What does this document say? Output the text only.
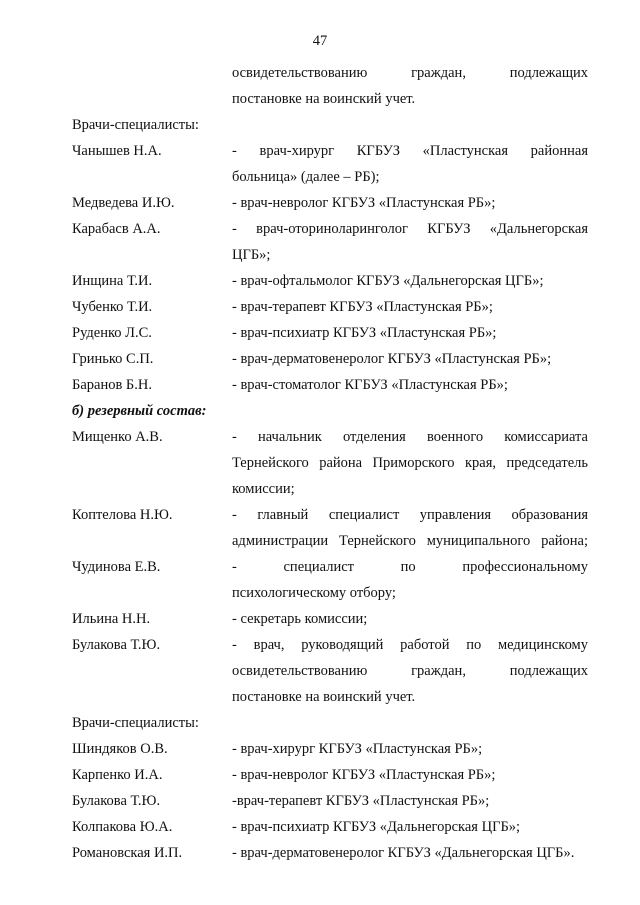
47
освидетельствованию граждан, подлежащих
постановке на воинский учет.
Врачи-специалисты:
Чанышев Н.А.	- врач-хирург КГБУЗ «Пластунская районная
больница» (далее – РБ);
Медведева И.Ю.	- врач-невролог КГБУЗ «Пластунская РБ»;
Карабасв А.А.	- врач-оториноларинголог КГБУЗ «Дальнегорская
ЦГБ»;
Инщина Т.И.	- врач-офтальмолог КГБУЗ «Дальнегорская ЦГБ»;
Чубенко Т.И.	- врач-терапевт КГБУЗ «Пластунская РБ»;
Руденко Л.С.	- врач-психиатр КГБУЗ «Пластунская РБ»;
Гринько С.П.	- врач-дерматовенеролог КГБУЗ «Пластунская РБ»;
Баранов Б.Н.	- врач-стоматолог КГБУЗ «Пластунская РБ»;
б) резервный состав:
Мищенко А.В.	- начальник отделения военного комиссариата
Тернейского района Приморского края, председатель
комиссии;
Коптелова Н.Ю.	- главный специалист управления образования
администрации Тернейского муниципального района;
Чудинова Е.В.	- специалист по профессиональному
психологическому отбору;
Ильина Н.Н.	- секретарь комиссии;
Булакова Т.Ю.	- врач, руководящий работой по медицинскому
освидетельствованию граждан, подлежащих
постановке на воинский учет.
Врачи-специалисты:
Шиндяков О.В.	- врач-хирург КГБУЗ «Пластунская РБ»;
Карпенко И.А.	- врач-невролог КГБУЗ «Пластунская РБ»;
Булакова Т.Ю.	-врач-терапевт КГБУЗ «Пластунская РБ»;
Колпакова Ю.А.	- врач-психиатр КГБУЗ «Дальнегорская ЦГБ»;
Романовская И.П.	- врач-дерматовенеролог КГБУЗ «Дальнегорская ЦГБ».
